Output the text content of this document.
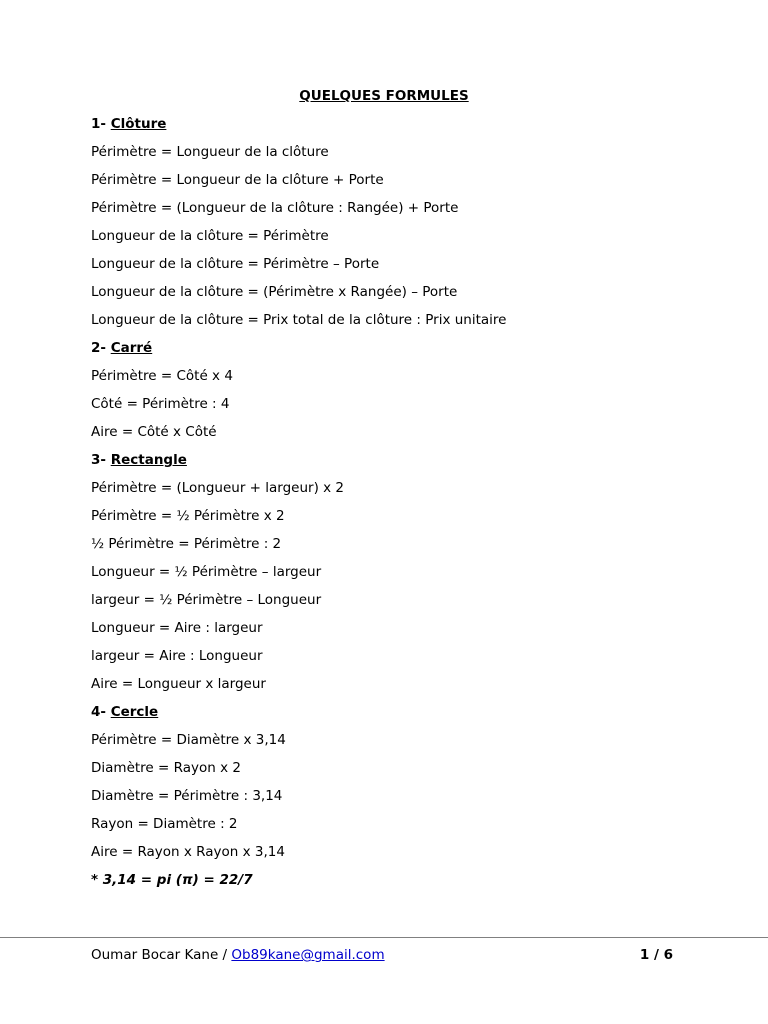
QUELQUES FORMULES
1- Clôture
Périmètre = Longueur de la clôture
Périmètre = Longueur de la clôture + Porte
Périmètre = (Longueur de la clôture : Rangée) + Porte
Longueur de la clôture = Périmètre
Longueur de la clôture = Périmètre – Porte
Longueur de la clôture = (Périmètre x Rangée) – Porte
Longueur de la clôture = Prix total de la clôture : Prix unitaire
2- Carré
Périmètre = Côté x 4
Côté = Périmètre : 4
Aire = Côté x Côté
3- Rectangle
Périmètre = (Longueur + largeur) x 2
Périmètre = ½ Périmètre x 2
½ Périmètre = Périmètre : 2
Longueur = ½ Périmètre – largeur
largeur = ½ Périmètre – Longueur
Longueur = Aire : largeur
largeur = Aire : Longueur
Aire = Longueur x largeur
4- Cercle
Périmètre = Diamètre x 3,14
Diamètre = Rayon x 2
Diamètre = Périmètre : 3,14
Rayon = Diamètre : 2
Aire = Rayon x Rayon x 3,14
* 3,14 = pi (π) = 22/7
Oumar Bocar Kane / Ob89kane@gmail.com	1 / 6
